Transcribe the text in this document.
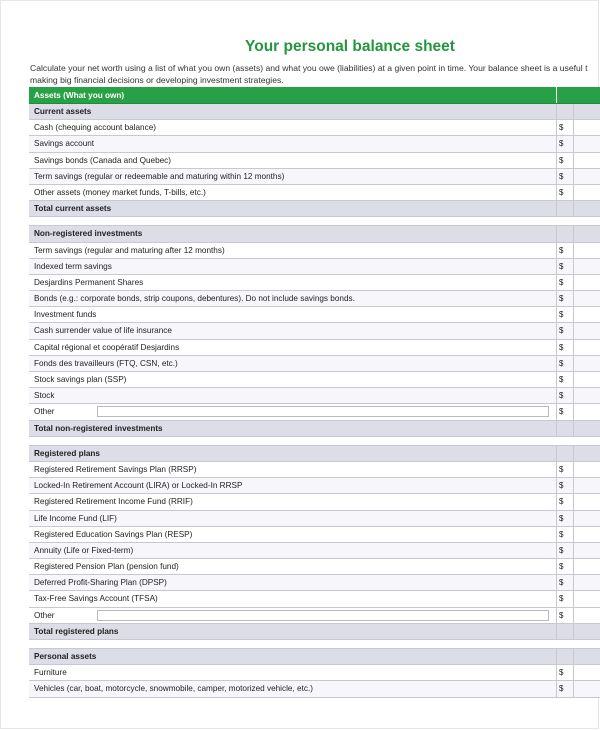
Your personal balance sheet
Calculate your net worth using a list of what you own (assets) and what you owe (liabilities) at a given point in time. Your balance sheet is a useful t
making big financial decisions or developing investment strategies.
Assets (What you own)
Current assets
Cash (chequing account balance)	$
Savings account	$
Savings bonds (Canada and Quebec)	$
Term savings (regular or redeemable and maturing within 12 months)	$
Other assets (money market funds, T-bills, etc.)	$
Total current assets
Non-registered investments
Term savings (regular and maturing after 12 months)	$
Indexed term savings	$
Desjardins Permanent Shares	$
Bonds (e.g.: corporate bonds, strip coupons, debentures). Do not include savings bonds.	$
Investment funds	$
Cash surrender value of life insurance	$
Capital régional et coopératif Desjardins	$
Fonds des travailleurs (FTQ, CSN, etc.)	$
Stock savings plan (SSP)	$
Stock	$
Other	$
Total non-registered investments
Registered plans
Registered Retirement Savings Plan (RRSP)	$
Locked-In Retirement Account (LIRA) or Locked-In RRSP	$
Registered Retirement Income Fund (RRIF)	$
Life Income Fund (LIF)	$
Registered Education Savings Plan (RESP)	$
Annuity (Life or Fixed-term)	$
Registered Pension Plan (pension fund)	$
Deferred Profit-Sharing Plan (DPSP)	$
Tax-Free Savings Account (TFSA)	$
Other	$
Total registered plans
Personal assets
Furniture	$
Vehicles (car, boat, motorcycle, snowmobile, camper, motorized vehicle, etc.)	$
